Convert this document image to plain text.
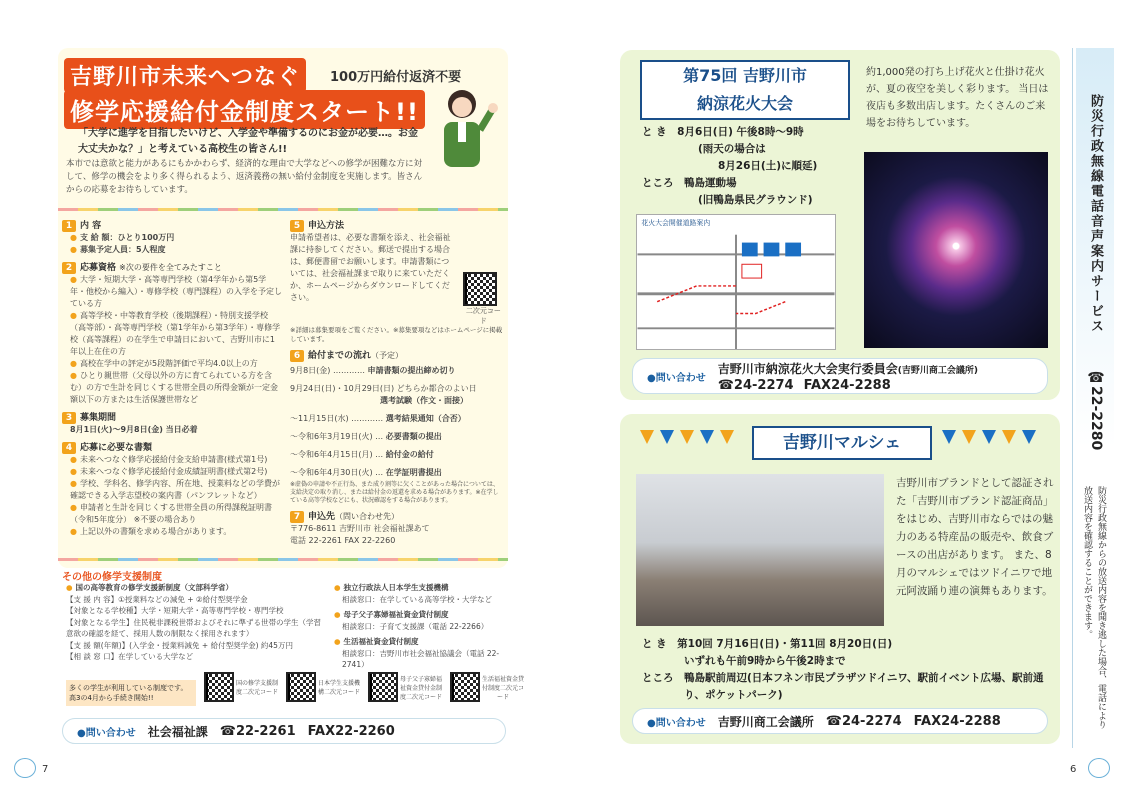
吉野川市未来へつなぐ
修学応援給付金制度スタート!!
100万円給付返済不要
「大学に進学を目指したいけど、入学金や準備するのにお金が必要…。お金大丈夫かな？」と考えている高校生の皆さん!!
本市では意欲と能力があるにもかかわらず、経済的な理由で大学などへの修学が困難な方に対して、修学の機会をより多く得られるよう、返済義務の無い給付金制度を実施します。皆さんからの応募をお待ちしています。
1 内 容
● 支 給 額：ひとり100万円
● 募集予定人員：5人程度
2 応募資格 ※次の要件を全てみたすこと
● 大学・短期大学・高等専門学校（第4学年から第5学年・他校から編入）・専修学校（専門課程）の入学を予定している方
● 高等学校・中等教育学校（後期課程）・特別支援学校（高等部）・高等専門学校（第1学年から第3学年）・専修学校（高等課程）の在学生で申請日において、吉野川市に1年以上在住の方
● 高校在学中の評定が5段階評価で平均4.0以上の方
● ひとり親世帯（父母以外の方に育てられている方を含む）の方で生計を同じくする世帯全員の所得金額が一定金額以下の方または生活保護世帯など
3 募集期間
8月1日(火)～9月8日(金) 当日必着
4 応募に必要な書類
● 未来へつなぐ修学応援給付金支給申請書(様式第1号)
● 未来へつなぐ修学応援給付金成績証明書(様式第2号)
● 学校、学科名、修学内容、所在地、授業料などの学費が確認できる入学志望校の案内書（パンフレットなど）
● 申請者と生計を同じくする世帯全員の所得課税証明書（令和5年度分） ※不要の場合あり
● 上記以外の書類を求める場合があります。
5 申込方法
申請希望者は、必要な書類を添え、社会福祉課に持参してください。郵送で提出する場合は、郵便書留でお願いします。申請書類については、社会福祉課まで取りに来ていただくか、ホームページからダウンロードしてください。
二次元コード
※詳細は募集要項をご覧ください。※募集要項などはホームページに掲載しています。
6 給付までの流れ（予定）
9月8日(金) ………… 申請書類の提出締め切り
9月24日(日)・10月29日(日) どちらか都合のよい日
選考試験（作文・面接）
～11月15日(水) ………… 選考結果通知（合否）
～令和6年3月19日(火) … 必要書類の提出
～令和6年4月15日(月) … 給付金の給付
～令和6年4月30日(火) … 在学証明書提出
※虚偽の申請や不正行為、また成り割等に欠くことがあった場合については、支給決定の取り消し、または給付金の返還を求める場合があります。※在学している高等学校などにも、状況確認をする場合があります。
7 申込先（問い合わせ先）
〒776-8611 吉野川市 社会福祉課あて
電話 22-2261 FAX 22-2260
その他の修学支援制度
● 国の高等教育の修学支援新制度（文部科学省）
【支 援 内 容】①授業料などの減免 + ②給付型奨学金
【対象となる学校種】大学・短期大学・高等専門学校・専門学校
【対象となる学生】住民税非課税世帯およびそれに準ずる世帯の学生（学習意欲の確認を経て、採用人数の制限なく採用されます）
【支 援 額(年額)】(入学金・授業料減免 + 給付型奨学金) 約45万円
【相 談 窓 口】在学している大学など
● 独立行政法人日本学生支援機構
相談窓口：在学している高等学校・大学など
● 母子父子寡婦福祉資金貸付制度
相談窓口：子育て支援課（電話 22-2266）
● 生活福祉資金貸付制度
相談窓口：吉野川市社会福祉協議会（電話 22-2741）
多くの学生が利用している制度です。高3の4月から手続き開始!!
国の修学支援制度二次元コード
日本学生支援機構二次元コード
母子父子寡婦福祉資金貸付金制度二次元コード
生活福祉資金貸付制度二次元コード
●問い合わせ 社会福祉課 ☎22-2261 FAX22-2260
7
第75回 吉野川市
納涼花火大会
約1,000発の打ち上げ花火と仕掛け花火が、夏の夜空を美しく彩ります。 当日は夜店も多数出店します。たくさんのご来場をお待ちしています。
と き　 8月6日(日) 午後8時～9時
(雨天の場合は
8月26日(土)に順延)
ところ　 鴨島運動場
(旧鴨島県民グラウンド)
花火大会開催道路案内
●問い合わせ
吉野川市納涼花火大会実行委員会(吉野川商工会議所)
☎24-2274　 FAX24-2288
吉野川マルシェ
吉野川市ブランドとして認証された「吉野川市ブランド認証商品」をはじめ、吉野川市ならではの魅力のある特産品の販売や、飲食ブースの出店があります。 また、8月のマルシェではツドイニワで地元阿波踊り連の演舞もあります。
と き　 第10回 7月16日(日)・第11回 8月20日(日)
いずれも午前9時から午後2時まで
ところ
　 鴨島駅前周辺(日本フネン市民プラザツドイニワ、駅前イベント広場、駅前通り、ポケットパーク)
●問い合わせ 吉野川商工会議所 ☎24-2274 FAX24-2288
防災行政無線電話音声案内サービス
☎22-2280
防災行政無線からの放送内容を聞き逃した場合、電話により放送内容を確認することができます。
6
